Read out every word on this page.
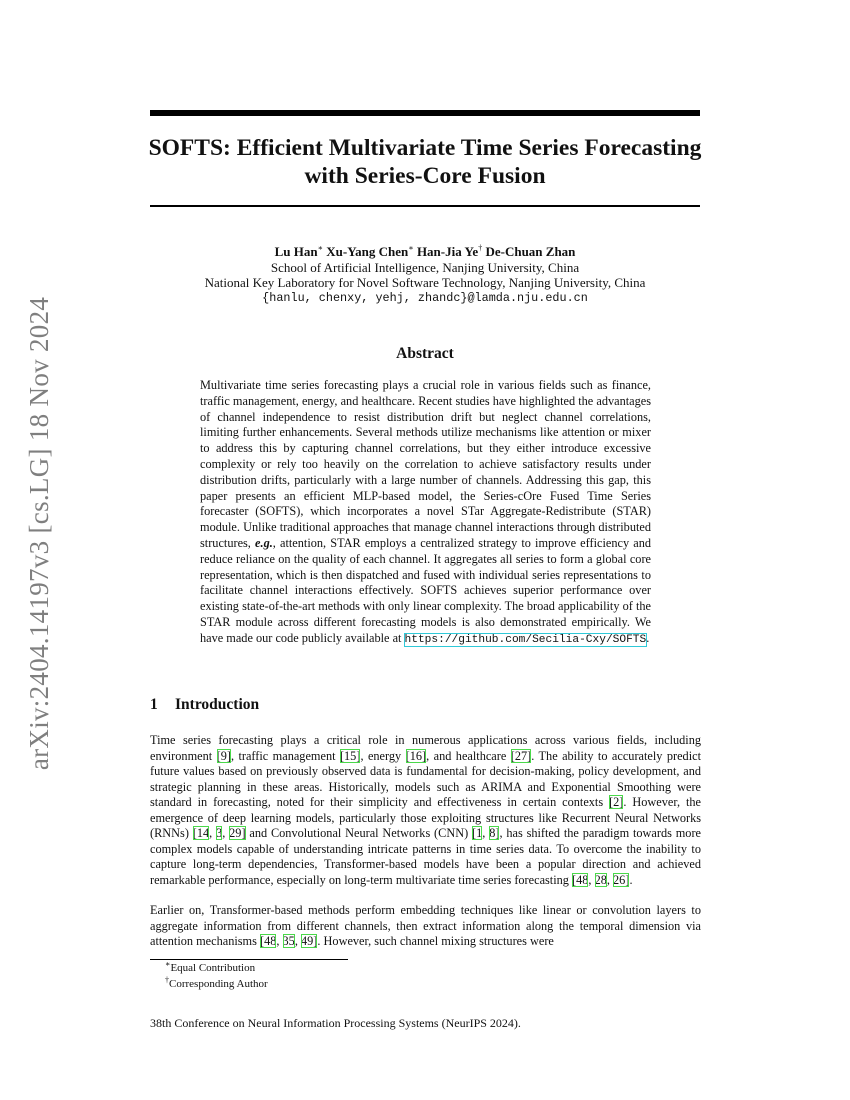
arXiv:2404.14197v3 [cs.LG] 18 Nov 2024
SOFTS: Efficient Multivariate Time Series Forecasting
with Series-Core Fusion
Lu Han∗ Xu-Yang Chen∗ Han-Jia Ye† De-Chuan Zhan
School of Artificial Intelligence, Nanjing University, China
National Key Laboratory for Novel Software Technology, Nanjing University, China
{hanlu, chenxy, yehj, zhandc}@lamda.nju.edu.cn
Abstract
Multivariate time series forecasting plays a crucial role in various fields such as finance, traffic management, energy, and healthcare. Recent studies have highlighted the advantages of channel independence to resist distribution drift but neglect channel correlations, limiting further enhancements. Several methods utilize mechanisms like attention or mixer to address this by capturing channel correlations, but they either introduce excessive complexity or rely too heavily on the correlation to achieve satisfactory results under distribution drifts, particularly with a large number of channels. Addressing this gap, this paper presents an efficient MLP-based model, the Series-cOre Fused Time Series forecaster (SOFTS), which incorporates a novel STar Aggregate-Redistribute (STAR) module. Unlike traditional approaches that manage channel interactions through distributed structures, e.g., attention, STAR employs a centralized strategy to improve efficiency and reduce reliance on the quality of each channel. It aggregates all series to form a global core representation, which is then dispatched and fused with individual series representations to facilitate channel interactions effectively. SOFTS achieves superior performance over existing state-of-the-art methods with only linear complexity. The broad applicability of the STAR module across different forecasting models is also demonstrated empirically. We have made our code publicly available at https://github.com/Secilia-Cxy/SOFTS.
1 Introduction
Time series forecasting plays a critical role in numerous applications across various fields, including environment [9], traffic management [15], energy [16], and healthcare [27]. The ability to accurately predict future values based on previously observed data is fundamental for decision-making, policy development, and strategic planning in these areas. Historically, models such as ARIMA and Exponential Smoothing were standard in forecasting, noted for their simplicity and effectiveness in certain contexts [2]. However, the emergence of deep learning models, particularly those exploiting structures like Recurrent Neural Networks (RNNs) [14, 3, 29] and Convolutional Neural Networks (CNN) [1, 8], has shifted the paradigm towards more complex models capable of understanding intricate patterns in time series data. To overcome the inability to capture long-term dependencies, Transformer-based models have been a popular direction and achieved remarkable performance, especially on long-term multivariate time series forecasting [48, 28, 26].
Earlier on, Transformer-based methods perform embedding techniques like linear or convolution layers to aggregate information from different channels, then extract information along the temporal dimension via attention mechanisms [48, 35, 49]. However, such channel mixing structures were
∗Equal Contribution
†Corresponding Author
38th Conference on Neural Information Processing Systems (NeurIPS 2024).
